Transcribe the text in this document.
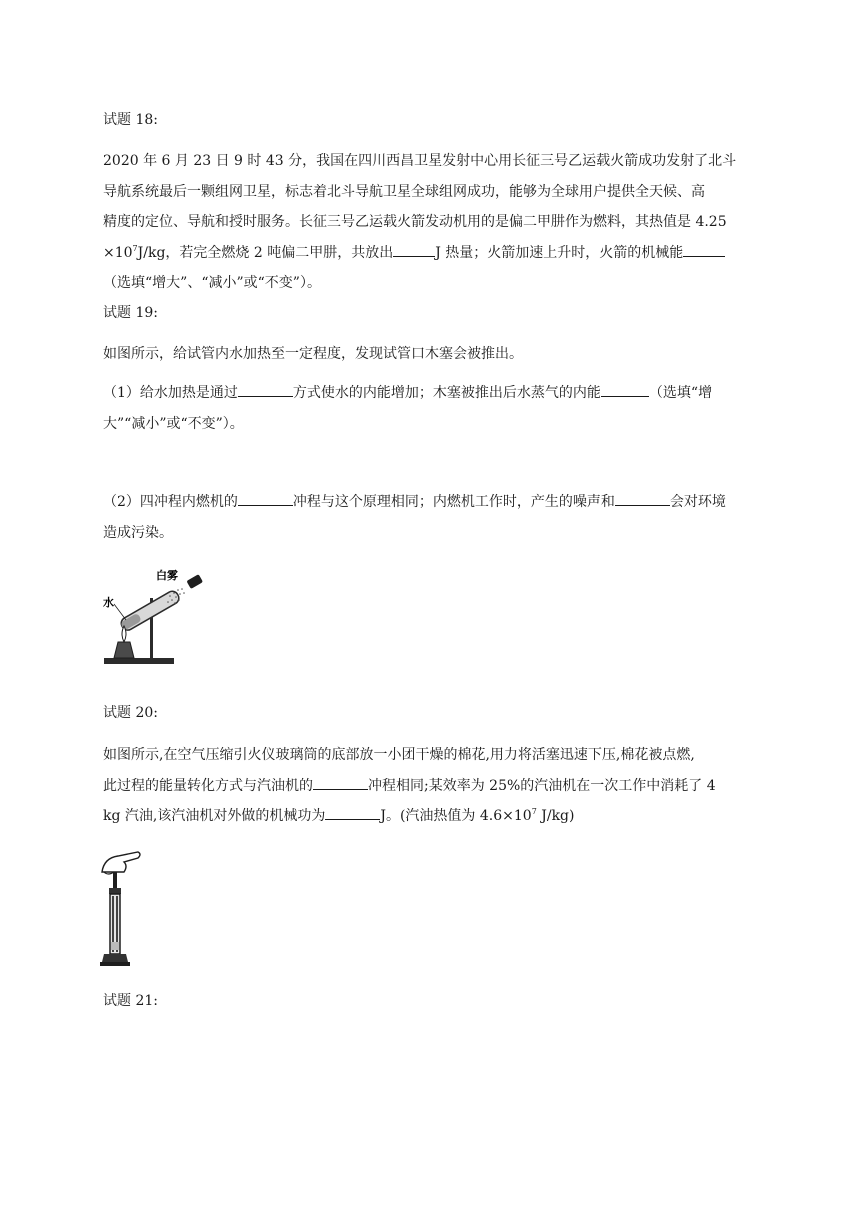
试题 18:
2020 年 6 月 23 日 9 时 43 分，我国在四川西昌卫星发射中心用长征三号乙运载火箭成功发射了北斗
导航系统最后一颗组网卫星，标志着北斗导航卫星全球组网成功，能够为全球用户提供全天候、高
精度的定位、导航和授时服务。长征三号乙运载火箭发动机用的是偏二甲肼作为燃料，其热值是 4.25
$\times 10^7J/kg$，若完全燃烧 2 吨偏二甲肼，共放出	J 热量；火箭加速上升时，火箭的机械能
（选填“增大”、“减小”或“不变”）。
试题 19:
如图所示，给试管内水加热至一定程度，发现试管口木塞会被推出。
（1）给水加热是通过	方式使水的内能增加；木塞被推出后水蒸气的内能	（选填“增
大”“减小”或“不变”）。
（2）四冲程内燃机的	冲程与这个原理相同；内燃机工作时，产生的噪声和	会对环境
造成污染。
水
白雾
试题 20:
如图所示,在空气压缩引火仪玻璃筒的底部放一小团干燥的棉花,用力将活塞迅速下压,棉花被点燃,
此过程的能量转化方式与汽油机的	冲程相同;某效率为 25%的汽油机在一次工作中消耗了 4
kg 汽油,该汽油机对外做的机械功为	J。(汽油热值为 $4.6\times 10^7$ J/kg)
试题 21:
